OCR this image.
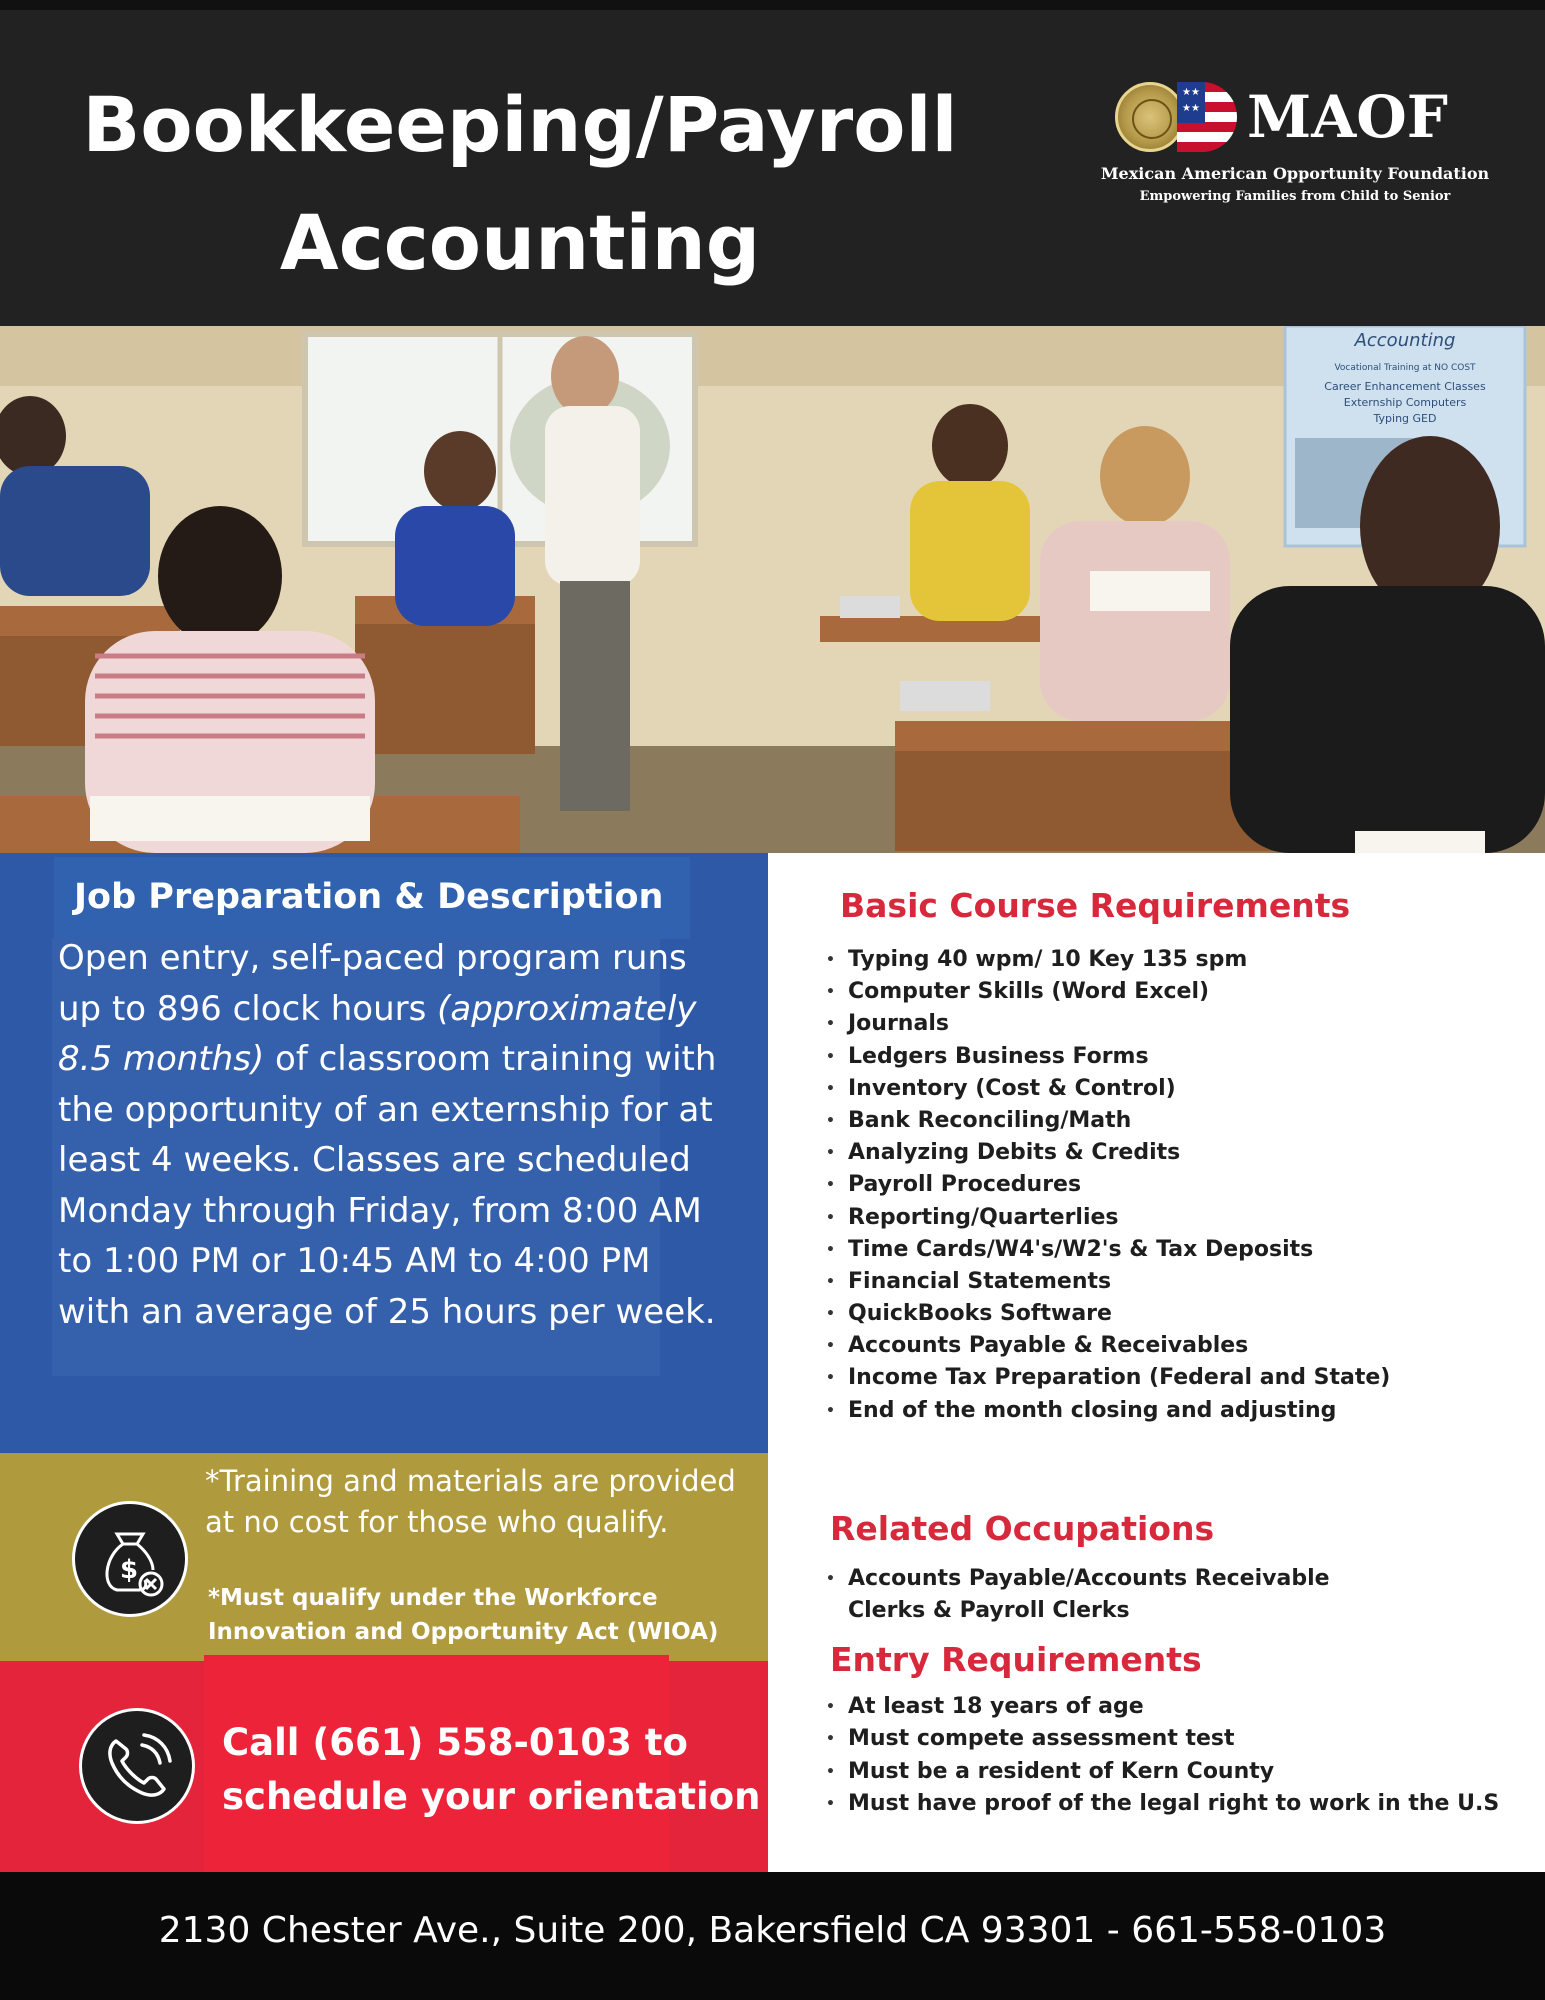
Bookkeeping/Payroll
Accounting
★★ ★★
MAOF
Mexican American Opportunity Foundation
Empowering Families from Child to Senior
Accounting
Vocational Training at NO COST
Career Enhancement Classes
Externship Computers
Typing GED
Job Preparation & Description
Open entry, self-paced program runs up to 896 clock hours (approximately 8.5 months) of classroom training with the opportunity of an externship for at least 4 weeks. Classes are scheduled Monday through Friday, from 8:00 AM to 1:00 PM or 10:45 AM to 4:00 PM with an average of 25 hours per week.
$
*Training and materials are provided at no cost for those who qualify.
*Must qualify under the Workforce Innovation and Opportunity Act (WIOA)
Call (661) 558-0103 to
schedule your orientation
Basic Course Requirements
• Typing 40 wpm/ 10 Key 135 spm
• Computer Skills (Word Excel)
• Journals
• Ledgers Business Forms
• Inventory (Cost & Control)
• Bank Reconciling/Math
• Analyzing Debits & Credits
• Payroll Procedures
• Reporting/Quarterlies
• Time Cards/W4's/W2's & Tax Deposits
• Financial Statements
• QuickBooks Software
• Accounts Payable & Receivables
• Income Tax Preparation (Federal and State)
• End of the month closing and adjusting
Related Occupations
• Accounts Payable/Accounts Receivable
Clerks & Payroll Clerks
Entry Requirements
• At least 18 years of age
• Must compete assessment test
• Must be a resident of Kern County
• Must have proof of the legal right to work in the U.S
2130 Chester Ave., Suite 200, Bakersfield CA 93301 - 661-558-0103
